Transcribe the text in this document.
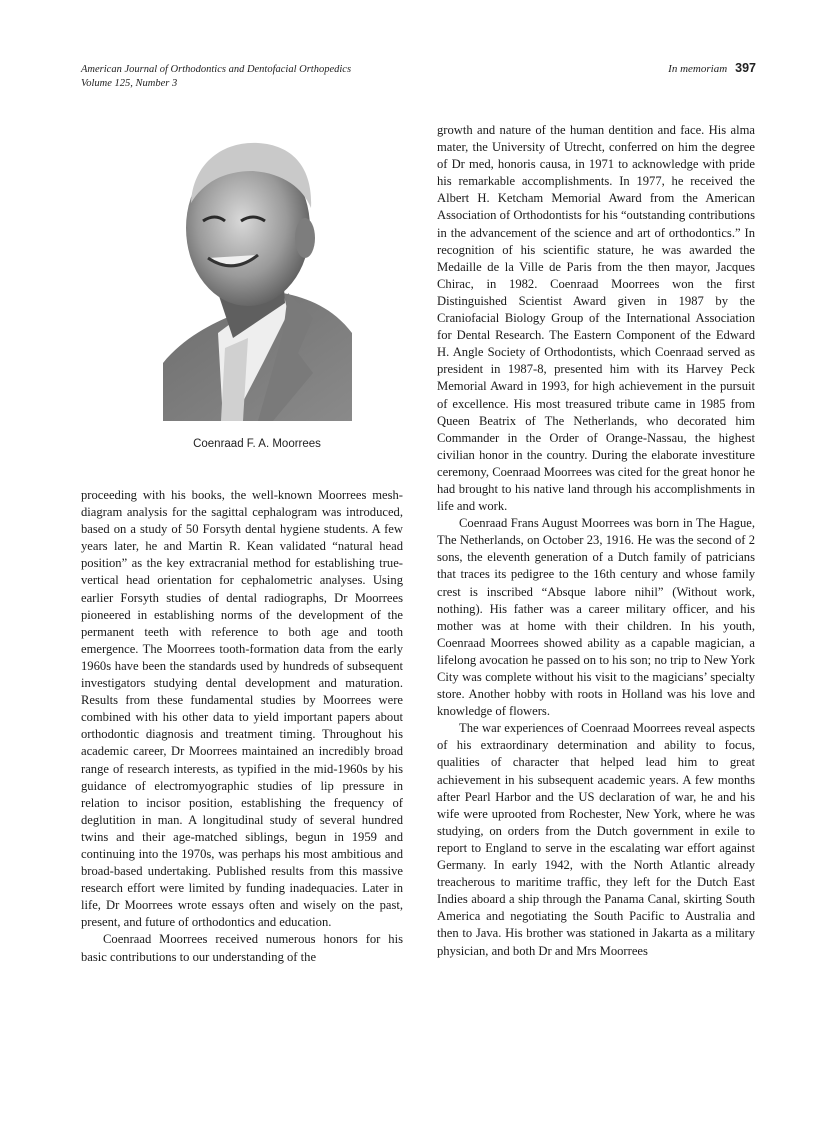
American Journal of Orthodontics and Dentofacial Orthopedics
Volume 125, Number 3
In memoriam 397
Coenraad F. A. Moorrees

proceeding with his books, the well-known Moorrees mesh-diagram analysis for the sagittal cephalogram was introduced, based on a study of 50 Forsyth dental hygiene students. A few years later, he and Martin R. Kean validated “natural head position” as the key extracranial method for establishing true-vertical head orientation for cephalometric analyses. Using earlier Forsyth studies of dental radiographs, Dr Moorrees pioneered in establishing norms of the development of the permanent teeth with reference to both age and tooth emergence. The Moorrees tooth-formation data from the early 1960s have been the standards used by hundreds of subsequent investigators studying dental development and maturation. Results from these fundamental studies by Moorrees were combined with his other data to yield important papers about orthodontic diagnosis and treatment timing. Throughout his academic career, Dr Moorrees maintained an incredibly broad range of research interests, as typified in the mid-1960s by his guidance of electromyographic studies of lip pressure in relation to incisor position, establishing the frequency of deglutition in man. A longitudinal study of several hundred twins and their age-matched siblings, begun in 1959 and continuing into the 1970s, was perhaps his most ambitious and broad-based undertaking. Published results from this massive research effort were limited by funding inadequacies. Later in life, Dr Moorrees wrote essays often and wisely on the past, present, and future of orthodontics and education.

Coenraad Moorrees received numerous honors for his basic contributions to our understanding of the

growth and nature of the human dentition and face. His alma mater, the University of Utrecht, conferred on him the degree of Dr med, honoris causa, in 1971 to acknowledge with pride his remarkable accomplishments. In 1977, he received the Albert H. Ketcham Memorial Award from the American Association of Orthodontists for his “outstanding contributions in the advancement of the science and art of orthodontics.” In recognition of his scientific stature, he was awarded the Medaille de la Ville de Paris from the then mayor, Jacques Chirac, in 1982. Coenraad Moorrees won the first Distinguished Scientist Award given in 1987 by the Craniofacial Biology Group of the International Association for Dental Research. The Eastern Component of the Edward H. Angle Society of Orthodontists, which Coenraad served as president in 1987-8, presented him with its Harvey Peck Memorial Award in 1993, for high achievement in the pursuit of excellence. His most treasured tribute came in 1985 from Queen Beatrix of The Netherlands, who decorated him Commander in the Order of Orange-Nassau, the highest civilian honor in the country. During the elaborate investiture ceremony, Coenraad Moorrees was cited for the great honor he had brought to his native land through his accomplishments in life and work.

Coenraad Frans August Moorrees was born in The Hague, The Netherlands, on October 23, 1916. He was the second of 2 sons, the eleventh generation of a Dutch family of patricians that traces its pedigree to the 16th century and whose family crest is inscribed “Absque labore nihil” (Without work, nothing). His father was a career military officer, and his mother was at home with their children. In his youth, Coenraad Moorrees showed ability as a capable magician, a lifelong avocation he passed on to his son; no trip to New York City was complete without his visit to the magicians’ specialty store. Another hobby with roots in Holland was his love and knowledge of flowers.

The war experiences of Coenraad Moorrees reveal aspects of his extraordinary determination and ability to focus, qualities of character that helped lead him to great achievement in his subsequent academic years. A few months after Pearl Harbor and the US declaration of war, he and his wife were uprooted from Rochester, New York, where he was studying, on orders from the Dutch government in exile to report to England to serve in the escalating war effort against Germany. In early 1942, with the North Atlantic already treacherous to maritime traffic, they left for the Dutch East Indies aboard a ship through the Panama Canal, skirting South America and negotiating the South Pacific to Australia and then to Java. His brother was stationed in Jakarta as a military physician, and both Dr and Mrs Moorrees
